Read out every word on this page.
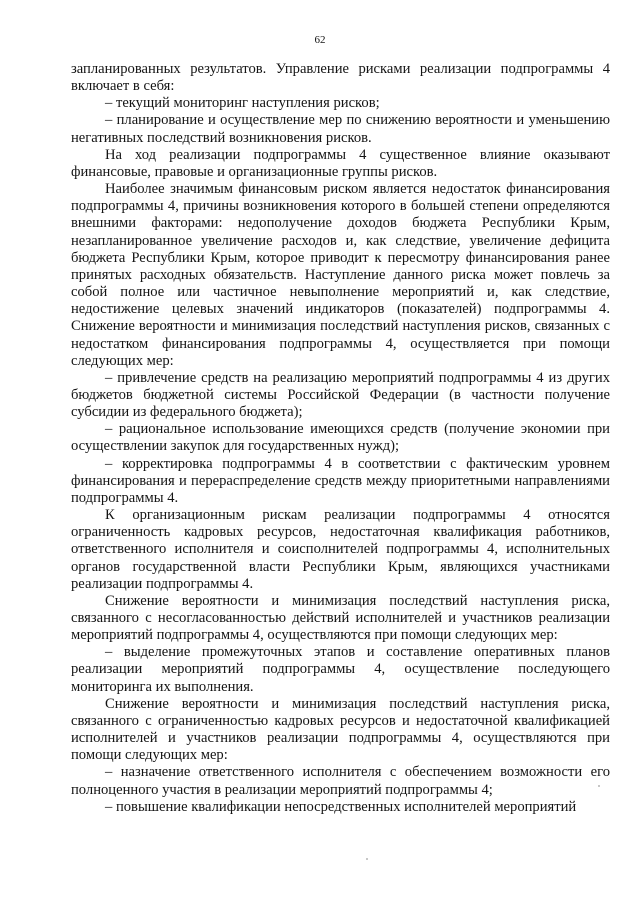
62

запланированных результатов. Управление рисками реализации подпрограммы 4 включает в себя:

– текущий мониторинг наступления рисков;

– планирование и осуществление мер по снижению вероятности и уменьшению негативных последствий возникновения рисков.

На ход реализации подпрограммы 4 существенное влияние оказывают финансовые, правовые и организационные группы рисков.

Наиболее значимым финансовым риском является недостаток финансирования подпрограммы 4, причины возникновения которого в большей степени определяются внешними факторами: недополучение доходов бюджета Республики Крым, незапланированное увеличение расходов и, как следствие, увеличение дефицита бюджета Республики Крым, которое приводит к пересмотру финансирования ранее принятых расходных обязательств. Наступление данного риска может повлечь за собой полное или частичное невыполнение мероприятий и, как следствие, недостижение целевых значений индикаторов (показателей) подпрограммы 4. Снижение вероятности и минимизация последствий наступления рисков, связанных с недостатком финансирования подпрограммы 4, осуществляется при помощи следующих мер:

– привлечение средств на реализацию мероприятий подпрограммы 4 из других бюджетов бюджетной системы Российской Федерации (в частности получение субсидии из федерального бюджета);

– рациональное использование имеющихся средств (получение экономии при осуществлении закупок для государственных нужд);

– корректировка подпрограммы 4 в соответствии с фактическим уровнем финансирования и перераспределение средств между приоритетными направлениями подпрограммы 4.

К организационным рискам реализации подпрограммы 4 относятся ограниченность кадровых ресурсов, недостаточная квалификация работников, ответственного исполнителя и соисполнителей подпрограммы 4, исполнительных органов государственной власти Республики Крым, являющихся участниками реализации подпрограммы 4.

Снижение вероятности и минимизация последствий наступления риска, связанного с несогласованностью действий исполнителей и участников реализации мероприятий подпрограммы 4, осуществляются при помощи следующих мер:

– выделение промежуточных этапов и составление оперативных планов реализации мероприятий подпрограммы 4, осуществление последующего мониторинга их выполнения.

Снижение вероятности и минимизация последствий наступления риска, связанного с ограниченностью кадровых ресурсов и недостаточной квалификацией исполнителей и участников реализации подпрограммы 4, осуществляются при помощи следующих мер:

– назначение ответственного исполнителя с обеспечением возможности его полноценного участия в реализации мероприятий подпрограммы 4;

– повышение квалификации непосредственных исполнителей мероприятий
